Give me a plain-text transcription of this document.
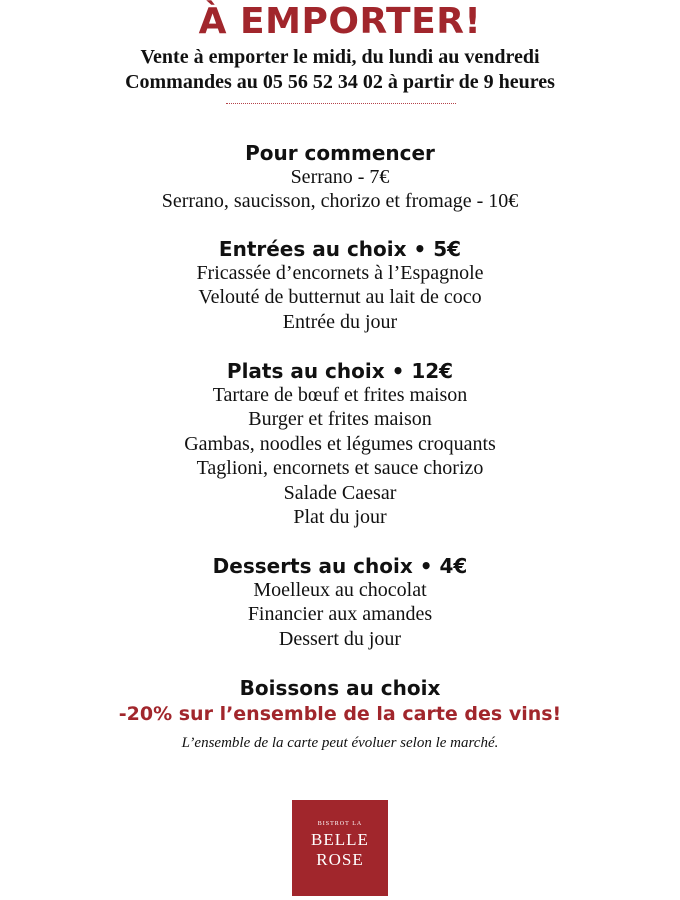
À EMPORTER!
Vente à emporter le midi, du lundi au vendredi
Commandes au 05 56 52 34 02 à partir de 9 heures
Pour commencer
Serrano - 7€
Serrano, saucisson, chorizo et fromage - 10€
Entrées au choix • 5€
Fricassée d’encornets à l’Espagnole
Velouté de butternut au lait de coco
Entrée du jour
Plats au choix • 12€
Tartare de bœuf et frites maison
Burger et frites maison
Gambas, noodles et légumes croquants
Taglioni, encornets et sauce chorizo
Salade Caesar
Plat du jour
Desserts au choix • 4€
Moelleux au chocolat
Financier aux amandes
Dessert du jour
Boissons au choix

-20% sur l’ensemble de la carte des vins!

L’ensemble de la carte peut évoluer selon le marché.

BISTROT LA
BELLE
ROSE
